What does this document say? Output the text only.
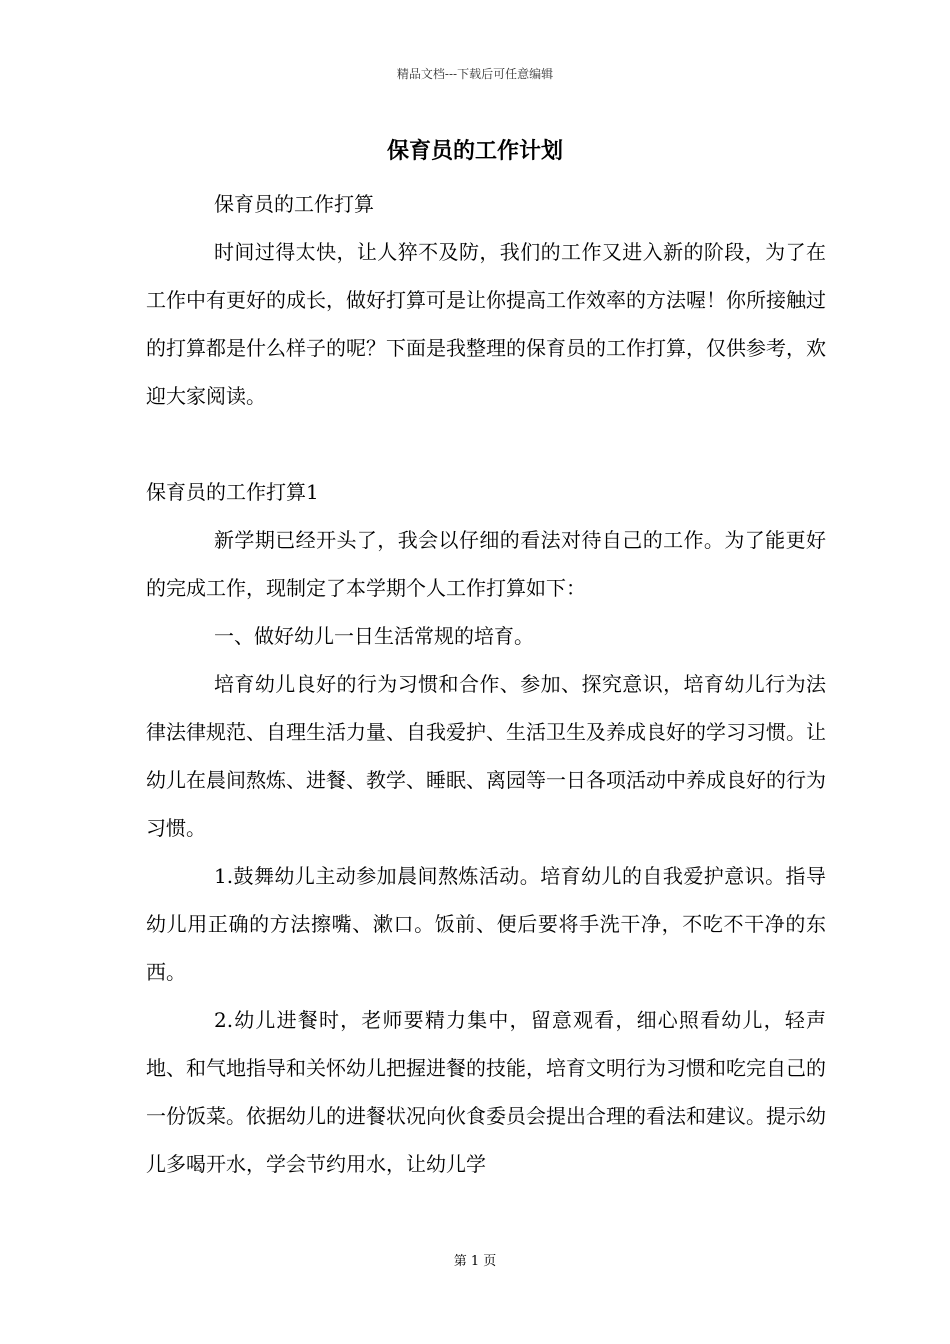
精品文档---下载后可任意编辑
保育员的工作计划

保育员的工作打算

时间过得太快，让人猝不及防，我们的工作又进入新的阶段，为了在工作中有更好的成长，做好打算可是让你提高工作效率的方法喔！你所接触过的打算都是什么样子的呢？下面是我整理的保育员的工作打算，仅供参考，欢迎大家阅读。

保育员的工作打算1

新学期已经开头了，我会以仔细的看法对待自己的工作。为了能更好的完成工作，现制定了本学期个人工作打算如下：

一、做好幼儿一日生活常规的培育。

培育幼儿良好的行为习惯和合作、参加、探究意识，培育幼儿行为法律法律规范、自理生活力量、自我爱护、生活卫生及养成良好的学习习惯。让幼儿在晨间熬炼、进餐、教学、睡眠、离园等一日各项活动中养成良好的行为习惯。

1.鼓舞幼儿主动参加晨间熬炼活动。培育幼儿的自我爱护意识。指导幼儿用正确的方法擦嘴、漱口。饭前、便后要将手洗干净，不吃不干净的东西。

2.幼儿进餐时，老师要精力集中，留意观看，细心照看幼儿，轻声地、和气地指导和关怀幼儿把握进餐的技能，培育文明行为习惯和吃完自己的一份饭菜。依据幼儿的进餐状况向伙食委员会提出合理的看法和建议。提示幼儿多喝开水，学会节约用水，让幼儿学

第 1 页
